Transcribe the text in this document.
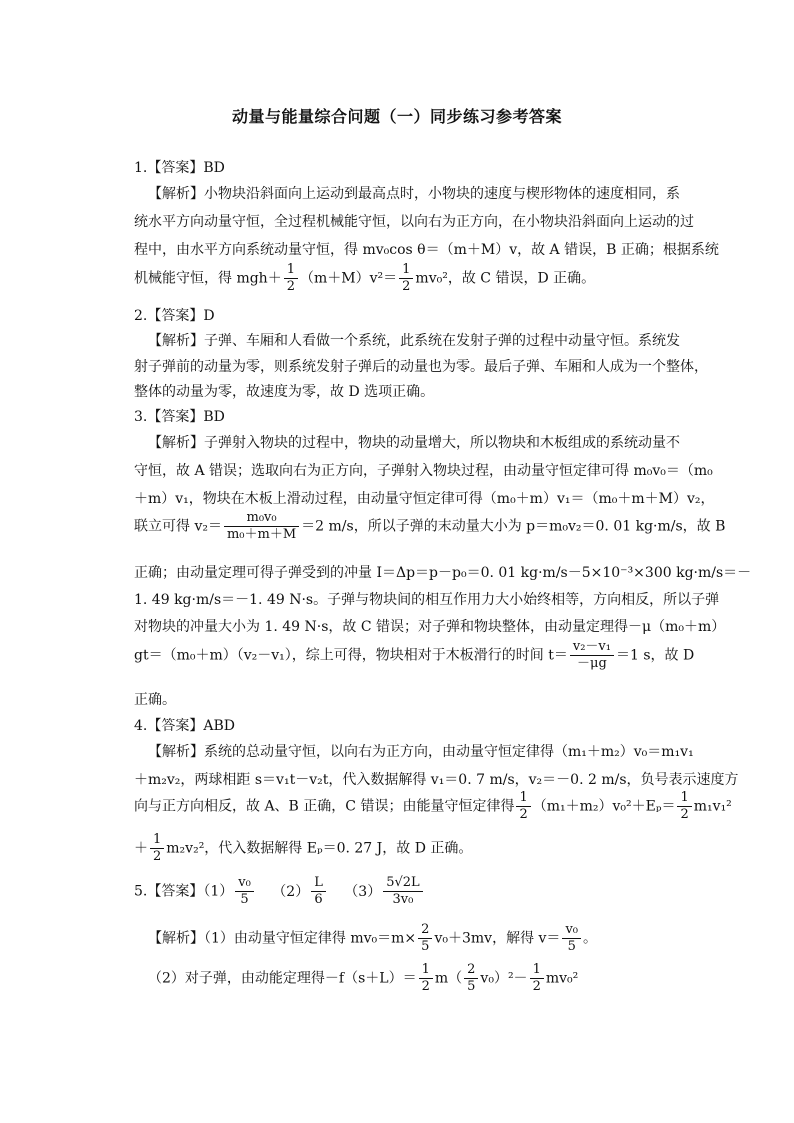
动量与能量综合问题（一）同步练习参考答案
1.【答案】BD
【解析】小物块沿斜面向上运动到最高点时，小物块的速度与楔形物体的速度相同，系
统水平方向动量守恒，全过程机械能守恒，以向右为正方向，在小物块沿斜面向上运动的过
程中，由水平方向系统动量守恒，得 mv₀cos θ＝（m＋M）v，故 A 错误，B 正确；根据系统
机械能守恒，得 $mgh+ \frac{1}{2} (m+M)v^2= \frac{1}{2} mv_0^2$，故 C 错误，D 正确。
2.【答案】D
【解析】子弹、车厢和人看做一个系统，此系统在发射子弹的过程中动量守恒。系统发
射子弹前的动量为零，则系统发射子弹后的动量也为零。最后子弹、车厢和人成为一个整体，
整体的动量为零，故速度为零，故 D 选项正确。
3.【答案】BD
【解析】子弹射入物块的过程中，物块的动量增大，所以物块和木板组成的系统动量不
守恒，故 A 错误；选取向右为正方向，子弹射入物块过程，由动量守恒定律可得 m₀v₀＝（m₀
＋m）v₁，物块在木板上滑动过程，由动量守恒定律可得（m₀＋m）v₁＝（m₀＋m＋M）v₂，
联立可得 $v_2= \frac{\text{m₀v₀}}{\text{m₀＋m＋M}} =2$ m/s，所以子弹的末动量大小为 p＝m₀v₂＝0. 01 kg·m/s，故 B
正确；由动量定理可得子弹受到的冲量 I＝Δp＝p－p₀＝0. 01 kg·m/s－5×10⁻³×300 kg·m/s＝－
1. 49 kg·m/s＝－1. 49 N·s。子弹与物块间的相互作用力大小始终相等，方向相反，所以子弹
对物块的冲量大小为 1. 49 N·s，故 C 错误；对子弹和物块整体，由动量定理得－μ（m₀＋m）
gt＝（m₀＋m）（v₂－v₁），综上可得，物块相对于木板滑行的时间 $t= \frac{\text{v₂－v₁}}{-\mu g} =1$ s，故 D
正确。
4.【答案】ABD
【解析】系统的总动量守恒，以向右为正方向，由动量守恒定律得（m₁＋m₂）v₀＝m₁v₁
＋m₂v₂，两球相距 s＝v₁t－v₂t，代入数据解得 v₁＝0. 7 m/s，v₂＝－0. 2 m/s，负号表示速度方
向与正方向相反，故 A、B 正确，C 错误；由能量守恒定律得 $\frac{1}{2} (m_1+m_2)v_0^2+E_p= \frac{1}{2} m_1v_1^2$
＋ $\frac{1}{2} m_2v_2^2$，代入数据解得 Eₚ＝0. 27 J，故 D 正确。
5.【答案】$(1) \frac{\text{v₀}}{5} (2) \frac{L}{6} (3) \frac{5√2L}{\text{3v₀}}$
【解析】（1）由动量守恒定律得 $mv_0=m\times \frac{2}{5} v_0+3mv$，解得 $v= \frac{\text{v₀}}{5}$ 。
（2）对子弹，由动能定理得$-f(s+L)= \frac{1}{2} m( \frac{2}{5} v_0)^2- \frac{1}{2} mv_0^2$
